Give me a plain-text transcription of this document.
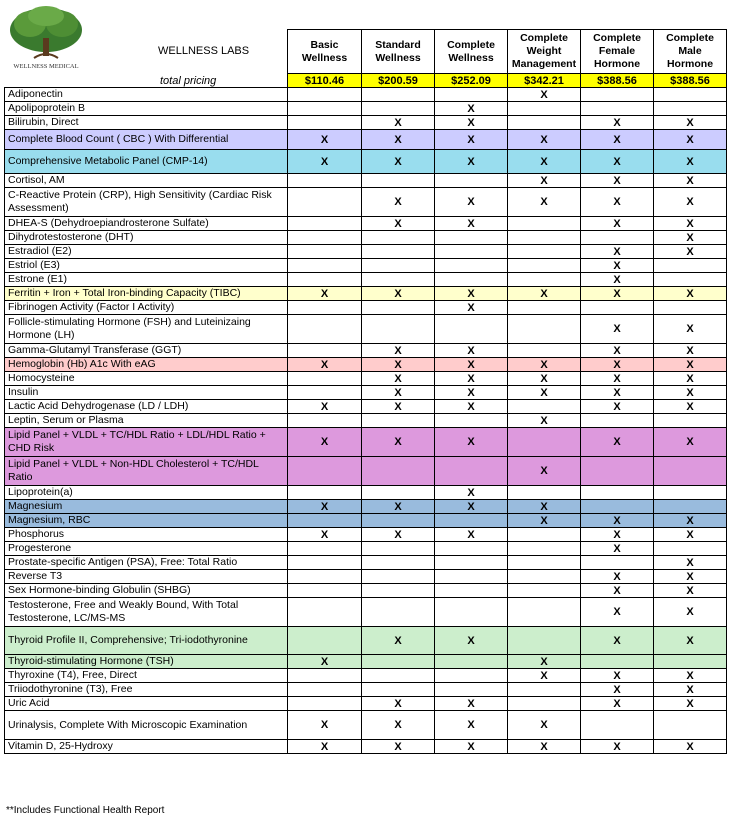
WELLNESS MEDICAL
WELLNESS LABS
total pricing
	Basic Wellness	Standard Wellness	Complete Wellness	Complete Weight Management	Complete Female Hormone	Complete Male Hormone
	$110.46	$200.59	$252.09	$342.21	$388.56	$388.56
Adiponectin				X		
Apolipoprotein B			X			
Bilirubin, Direct		X	X		X	X
Complete Blood Count ( CBC ) With Differential	X	X	X	X	X	X
Comprehensive Metabolic Panel (CMP-14)	X	X	X	X	X	X
Cortisol, AM				X	X	X
C-Reactive Protein (CRP), High Sensitivity (Cardiac Risk Assessment)		X	X	X	X	X
DHEA-S (Dehydroepiandrosterone Sulfate)		X	X		X	X
Dihydrotestosterone (DHT)						X
Estradiol (E2)					X	X
Estriol (E3)					X	
Estrone (E1)					X	
Ferritin + Iron + Total Iron-binding Capacity (TIBC)	X	X	X	X	X	X
Fibrinogen Activity (Factor I Activity)			X			
Follicle-stimulating Hormone (FSH) and Luteinizaing Hormone (LH)					X	X
Gamma-Glutamyl Transferase (GGT)		X	X		X	X
Hemoglobin (Hb) A1c With eAG	X	X	X	X	X	X
Homocysteine		X	X	X	X	X
Insulin		X	X	X	X	X
Lactic Acid Dehydrogenase (LD / LDH)	X	X	X		X	X
Leptin, Serum or Plasma				X		
Lipid Panel + VLDL + TC/HDL Ratio + LDL/HDL Ratio + CHD Risk	X	X	X		X	X
Lipid Panel + VLDL + Non-HDL Cholesterol + TC/HDL Ratio				X		
Lipoprotein(a)			X			
Magnesium	X	X	X	X		
Magnesium, RBC				X	X	X
Phosphorus	X	X	X		X	X
Progesterone					X	
Prostate-specific Antigen (PSA), Free: Total Ratio						X
Reverse T3					X	X
Sex Hormone-binding Globulin (SHBG)					X	X
Testosterone, Free and Weakly Bound, With Total Testosterone, LC/MS-MS					X	X
Thyroid Profile II, Comprehensive; Tri-iodothyronine		X	X		X	X
Thyroid-stimulating Hormone (TSH)	X			X		
Thyroxine (T4), Free, Direct				X	X	X
Triiodothyronine (T3), Free					X	X
Uric Acid		X	X		X	X
Urinalysis, Complete With Microscopic Examination	X	X	X	X		
Vitamin D, 25-Hydroxy	X	X	X	X	X	X
**Includes Functional Health Report
